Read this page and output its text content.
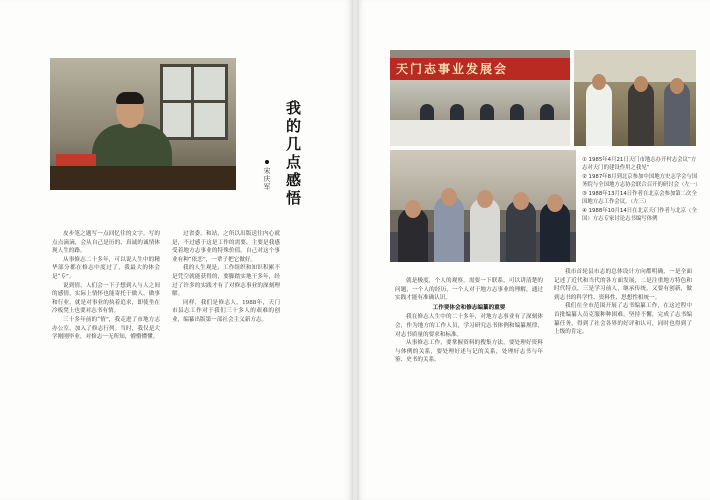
我的几点感悟
宋庆军

皮步笔之题写一点回忆往的文字。写的点点滴滴，会从自己是历的、真诚的诚情体现人生的路。

从事修志二十多年，可以说人生中的精华部分都在修志中度过了，我最大的体会是“专”。

说到情，人们会一下子想到人与人之间的感情，实际上情怀也能寄托于做人、做事和行业，就是对事业的执着追求，即使坐在冷板凳上也要对志书有情。

三十多年前的“情”，我走进了市地方志办公室，加入了修志行列。当时，我仅是大学刚刚毕业，对修志一无所知，懵懵懂懂。

过省委、和站，之所以出版送往内心就是，不过感于这是工作的需要，主要是我感受着地方志事业的特殊价值。自己对这个事业有种“依恋”，一辈子把它做好。

我的人生观是，工作组织和知识积累不是凭空就能获得的，要脚踏实地干多年，经过了许多的实践才有了对修志事业的深刻理解。

同样，我们是修志人。1988年，天门市县志工作对于我们三十多人的艰难的创业，编纂出版第一部社会主义新方志。

天门志事业发展会

① 1985年4月21日天门市地志办开村志会议“方志对天门的建设作用之我见”

② 1987年8月到北京参加中国地方史志学会与国务院与全国地方志协会联合召开的研讨会（左一）

③ 1988年13月14日作者在北京会参加第二次全国地方志工作会议。（左三）

④ 1988年10月14日在北京天门作者与北京（全国）方志专家讨论志书编写体例

就是极度，个人的观察，需要一下联系，可以讲清楚的问题，一个人的经历，一个人对于地方志事业的理解，通过实践才能有准确认识。

工作要体会和修志编纂的重要

我在修志人生中的二十多年，对地方志事业有了深刻体会，作为地方的工作人员，学习研究志书体例和编纂规律，对志书质量的要求和标准。

从事修志工作，要掌握资料的搜集方法，要处理好资料与体例的关系，要处理好述与记的关系，处理好志书与年鉴、史书的关系。

我市首轮县市志的总体设计方向都明确，一是全面记述了近代和当代的各方面发展，二是注重地方特色和时代特点，三是学习前人，继承传统，又要有创新，做到志书的科学性、资料性、思想性相统一。

我们在全市范围开展了志书编纂工作，在这过程中首批编纂人员克服种种困难，坚持不懈，完成了志书编纂任务，得到了社会各界的好评和认可，同时也得到了上级的肯定。
